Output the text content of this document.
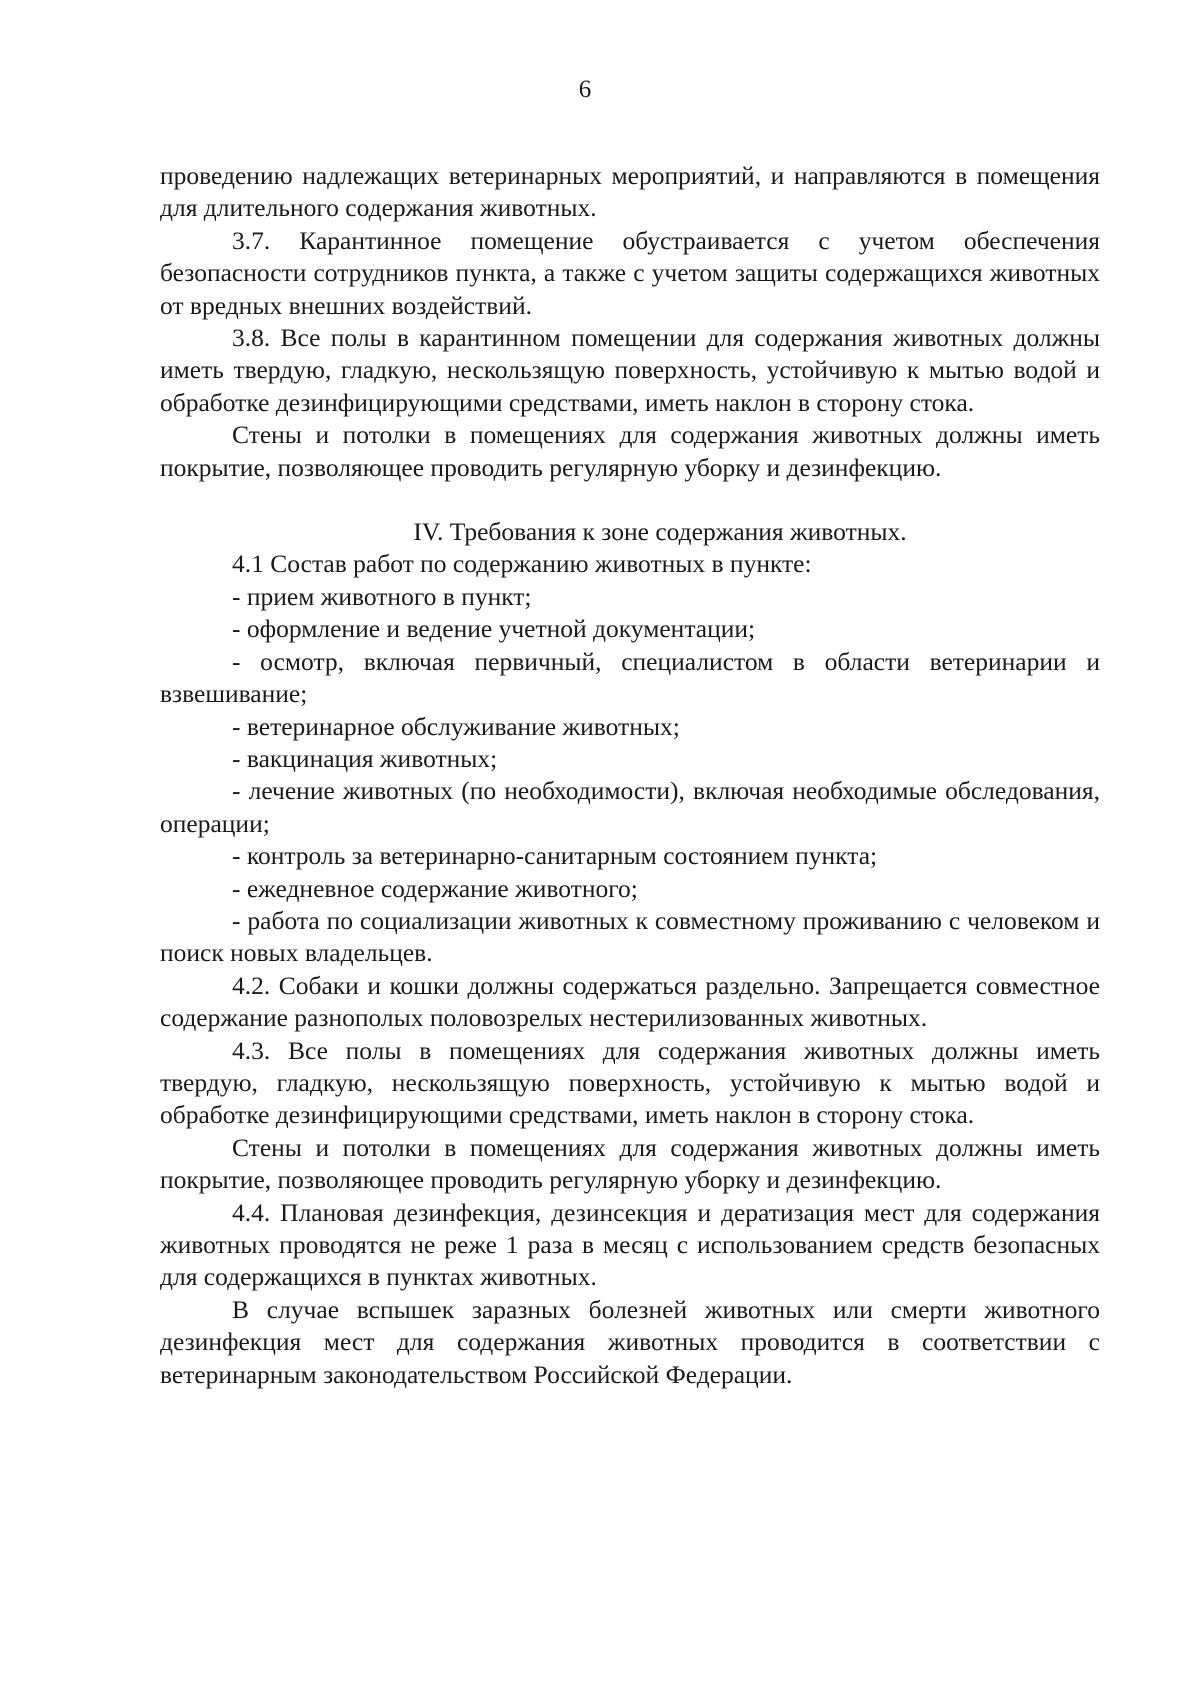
6

проведению надлежащих ветеринарных мероприятий, и направляются в помещения для длительного содержания животных.

3.7. Карантинное помещение обустраивается с учетом обеспечения безопасности сотрудников пункта, а также с учетом защиты содержащихся животных от вредных внешних воздействий.

3.8. Все полы в карантинном помещении для содержания животных должны иметь твердую, гладкую, нескользящую поверхность, устойчивую к мытью водой и обработке дезинфицирующими средствами, иметь наклон в сторону стока.

Стены и потолки в помещениях для содержания животных должны иметь покрытие, позволяющее проводить регулярную уборку и дезинфекцию.

IV. Требования к зоне содержания животных.

4.1 Состав работ по содержанию животных в пункте:

- прием животного в пункт;

- оформление и ведение учетной документации;

- осмотр, включая первичный, специалистом в области ветеринарии и взвешивание;

- ветеринарное обслуживание животных;

- вакцинация животных;

- лечение животных (по необходимости), включая необходимые обследования, операции;

- контроль за ветеринарно-санитарным состоянием пункта;

- ежедневное содержание животного;

- работа по социализации животных к совместному проживанию с человеком и поиск новых владельцев.

4.2. Собаки и кошки должны содержаться раздельно. Запрещается совместное содержание разнополых половозрелых нестерилизованных животных.

4.3. Все полы в помещениях для содержания животных должны иметь твердую, гладкую, нескользящую поверхность, устойчивую к мытью водой и обработке дезинфицирующими средствами, иметь наклон в сторону стока.

Стены и потолки в помещениях для содержания животных должны иметь покрытие, позволяющее проводить регулярную уборку и дезинфекцию.

4.4. Плановая дезинфекция, дезинсекция и дератизация мест для содержания животных проводятся не реже 1 раза в месяц с использованием средств безопасных для содержащихся в пунктах животных.

В случае вспышек заразных болезней животных или смерти животного дезинфекция мест для содержания животных проводится в соответствии с ветеринарным законодательством Российской Федерации.
